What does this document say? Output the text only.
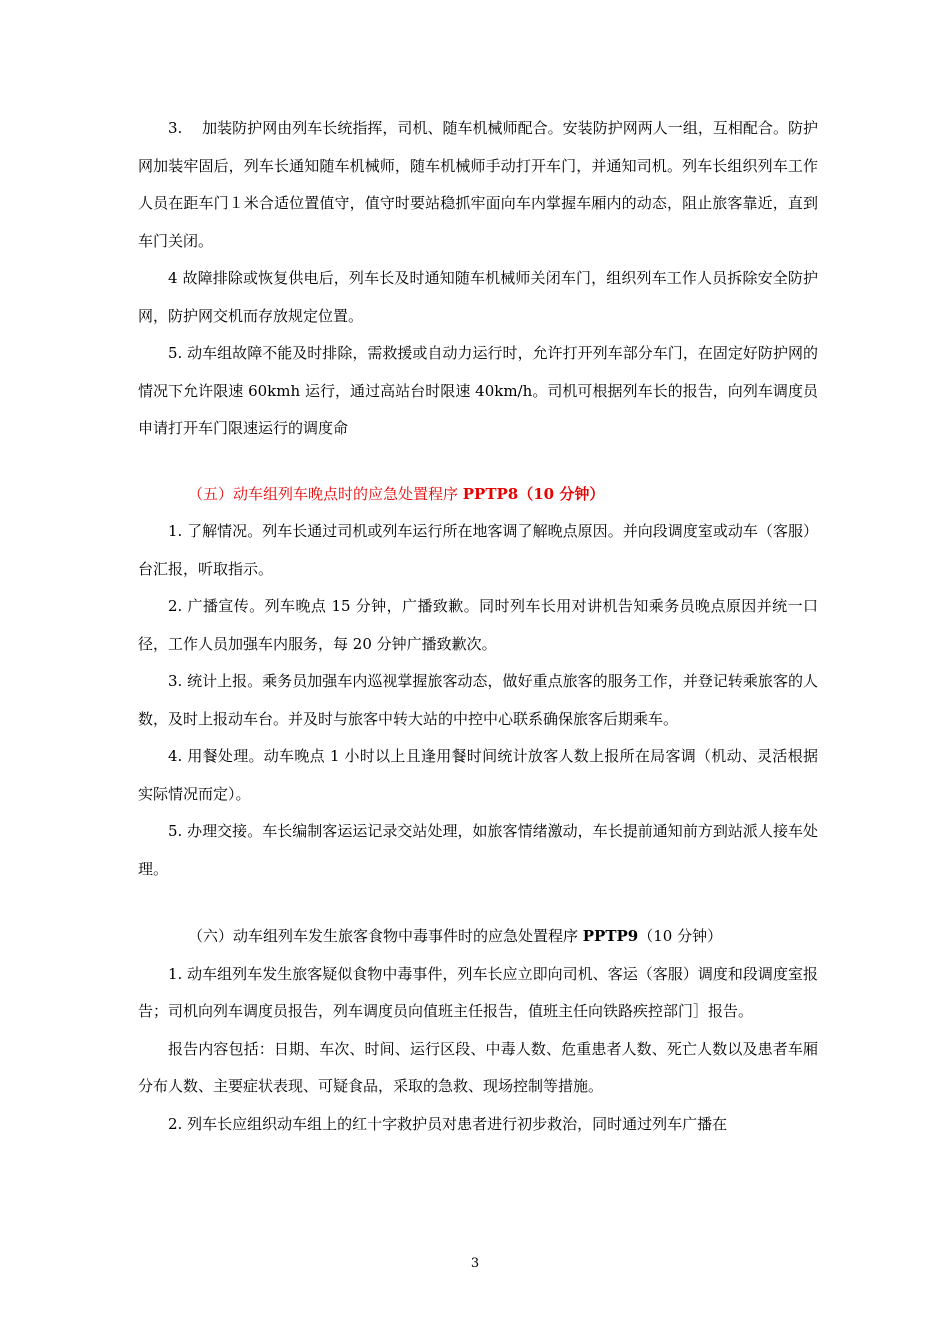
3.　 加装防护网由列车长统指挥，司机、随车机械师配合。安装防护网两人一组，互相配合。防护网加装牢固后，列车长通知随车机械师，随车机械师手动打开车门，并通知司机。列车长组织列车工作人员在距车门１米合适位置值守，值守时要站稳抓牢面向车内掌握车厢内的动态，阻止旅客靠近，直到车门关闭。

4 故障排除或恢复供电后，列车长及时通知随车机械师关闭车门，组织列车工作人员拆除安全防护网，防护网交机而存放规定位置。

5. 动车组故障不能及时排除，需救援或自动力运行时，允许打开列车部分车门，在固定好防护网的情况下允许限速 60kmh 运行，通过高站台时限速 40km/h。司机可根据列车长的报告，向列车调度员申请打开车门限速运行的调度命

（五）动车组列车晚点时的应急处置程序 PPTP8（10 分钟）

1. 了解情况。列车长通过司机或列车运行所在地客调了解晚点原因。并向段调度室或动车（客服）台汇报，听取指示。

2. 广播宣传。列车晚点 15 分钟，广播致歉。同时列车长用对讲机告知乘务员晚点原因并统一口径，工作人员加强车内服务，每 20 分钟广播致歉次。

3. 统计上报。乘务员加强车内巡视掌握旅客动态，做好重点旅客的服务工作，并登记转乘旅客的人数，及时上报动车台。并及时与旅客中转大站的中控中心联系确保旅客后期乘车。

4. 用餐处理。动车晚点 1 小时以上且逢用餐时间统计放客人数上报所在局客调（机动、灵活根据实际情况而定）。

5. 办理交接。车长编制客运运记录交站处理，如旅客情绪激动，车长提前通知前方到站派人接车处理。

（六）动车组列车发生旅客食物中毒事件时的应急处置程序 PPTP9（10 分钟）

1. 动车组列车发生旅客疑似食物中毒事件，列车长应立即向司机、客运（客服）调度和段调度室报告；司机向列车调度员报告，列车调度员向值班主任报告，值班主任向铁路疾控部门］报告。

报告内容包括：日期、车次、时间、运行区段、中毒人数、危重患者人数、死亡人数以及患者车厢分布人数、主要症状表现、可疑食品，采取的急救、现场控制等措施。

2. 列车长应组织动车组上的红十字救护员对患者进行初步救治，同时通过列车广播在

3
